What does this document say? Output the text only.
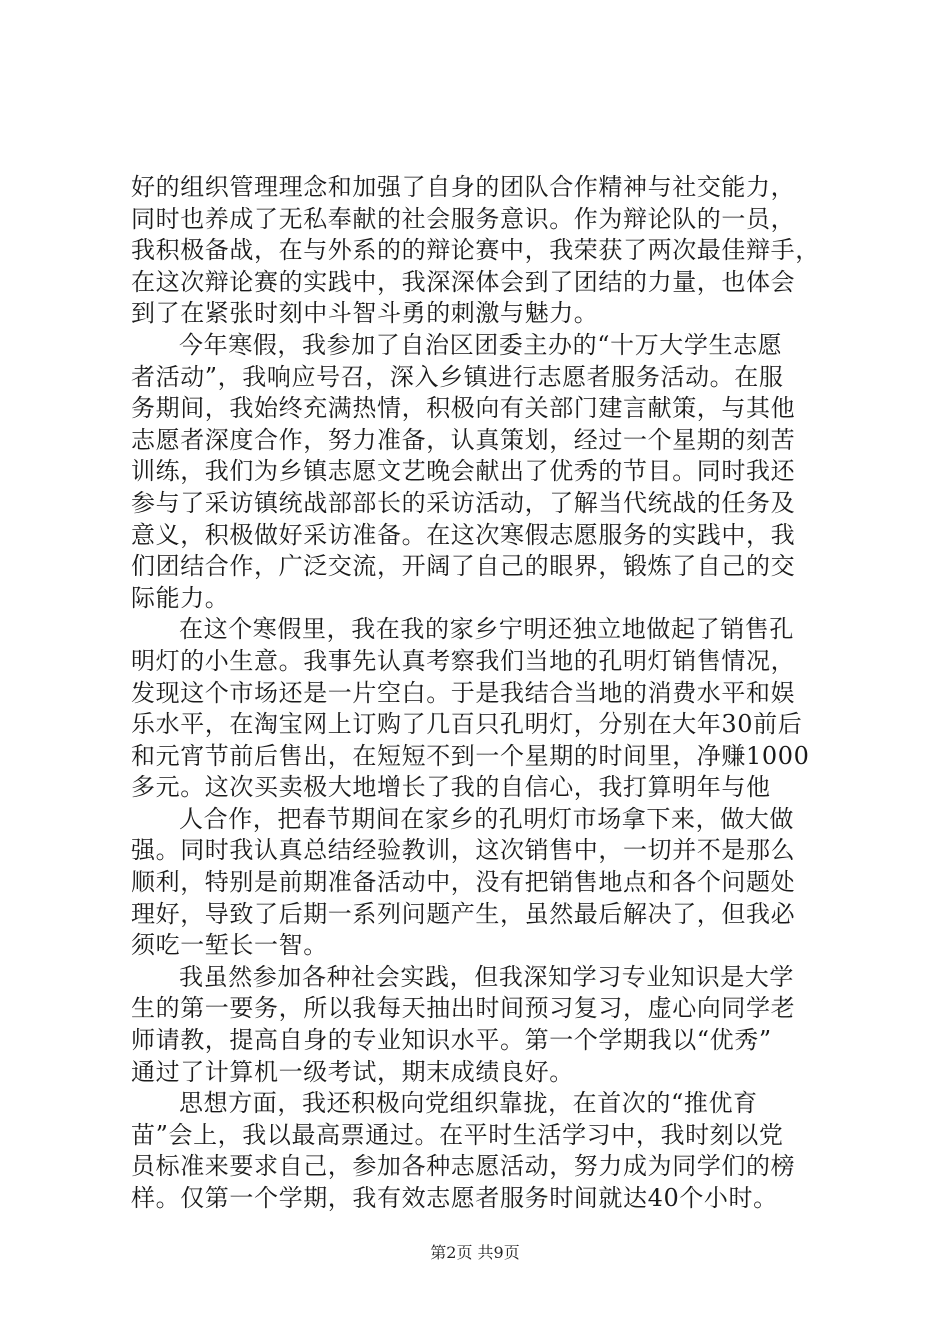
好的组织管理理念和加强了自身的团队合作精神与社交能力，
同时也养成了无私奉献的社会服务意识。作为辩论队的一员，
我积极备战，在与外系的的辩论赛中，我荣获了两次最佳辩手，
在这次辩论赛的实践中，我深深体会到了团结的力量，也体会
到了在紧张时刻中斗智斗勇的刺激与魅力。
今年寒假，我参加了自治区团委主办的“十万大学生志愿
者活动”，我响应号召，深入乡镇进行志愿者服务活动。在服
务期间，我始终充满热情，积极向有关部门建言献策，与其他
志愿者深度合作，努力准备，认真策划，经过一个星期的刻苦
训练，我们为乡镇志愿文艺晚会献出了优秀的节目。同时我还
参与了采访镇统战部部长的采访活动，了解当代统战的任务及
意义，积极做好采访准备。在这次寒假志愿服务的实践中，我
们团结合作，广泛交流，开阔了自己的眼界，锻炼了自己的交
际能力。
在这个寒假里，我在我的家乡宁明还独立地做起了销售孔
明灯的小生意。我事先认真考察我们当地的孔明灯销售情况，
发现这个市场还是一片空白。于是我结合当地的消费水平和娱
乐水平，在淘宝网上订购了几百只孔明灯，分别在大年30前后
和元宵节前后售出，在短短不到一个星期的时间里，净赚1000
多元。这次买卖极大地增长了我的自信心，我打算明年与他
人合作，把春节期间在家乡的孔明灯市场拿下来，做大做
强。同时我认真总结经验教训，这次销售中，一切并不是那么
顺利，特别是前期准备活动中，没有把销售地点和各个问题处
理好，导致了后期一系列问题产生，虽然最后解决了，但我必
须吃一堑长一智。
我虽然参加各种社会实践，但我深知学习专业知识是大学
生的第一要务，所以我每天抽出时间预习复习，虚心向同学老
师请教，提高自身的专业知识水平。第一个学期我以“优秀”
通过了计算机一级考试，期末成绩良好。
思想方面，我还积极向党组织靠拢，在首次的“推优育
苗”会上，我以最高票通过。在平时生活学习中，我时刻以党
员标准来要求自己，参加各种志愿活动，努力成为同学们的榜
样。仅第一个学期，我有效志愿者服务时间就达40个小时。
第2页 共9页
